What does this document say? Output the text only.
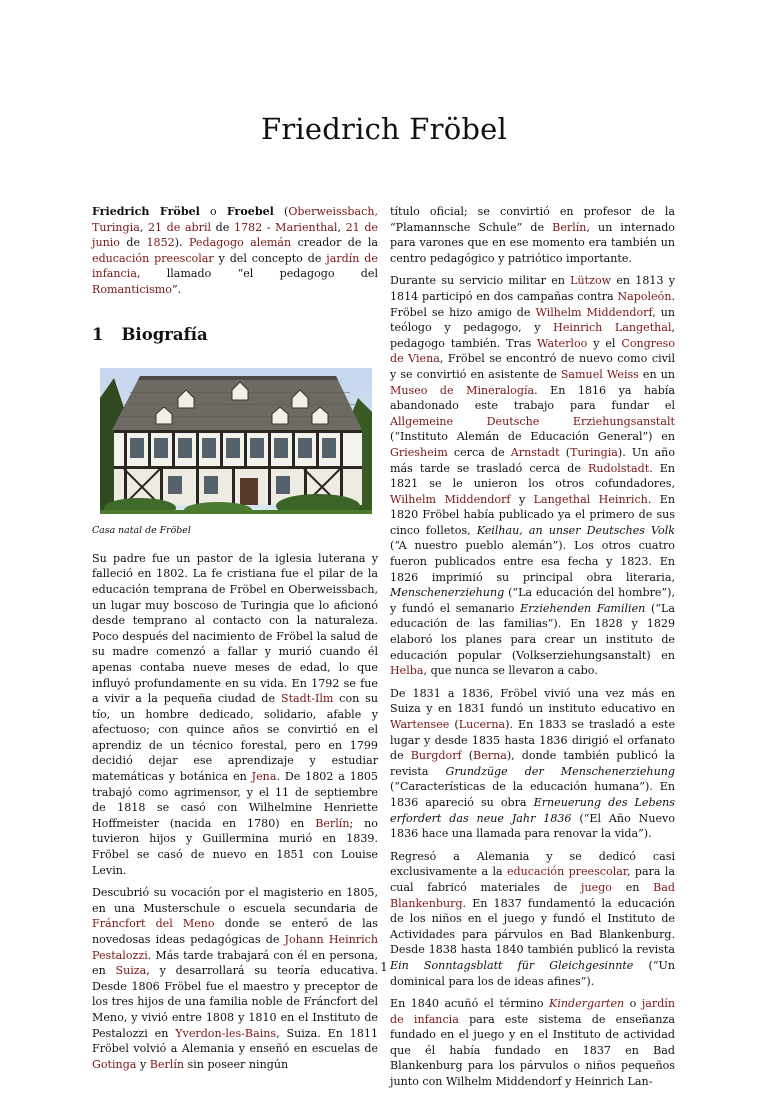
Friedrich Fröbel

Friedrich Fröbel o Froebel (Oberweissbach, Turingia, 21 de abril de 1782 - Marienthal, 21 de junio de 1852). Pedagogo alemán creador de la educación preescolar y del concepto de jardín de infancia, llamado “el pedagogo del Romanticismo”.

1 Biografía
Casa natal de Fröbel

Su padre fue un pastor de la iglesia luterana y falleció en 1802. La fe cristiana fue el pilar de la educación temprana de Fröbel en Oberweissbach, un lugar muy boscoso de Turingia que lo aficionó desde temprano al contacto con la naturaleza. Poco después del nacimiento de Fröbel la salud de su madre comenzó a fallar y murió cuando él apenas contaba nueve meses de edad, lo que influyó profundamente en su vida. En 1792 se fue a vivir a la pequeña ciudad de Stadt-Ilm con su tío, un hombre dedicado, solidario, afable y afectuoso; con quince años se convirtió en el aprendiz de un técnico forestal, pero en 1799 decidió dejar ese aprendizaje y estudiar matemáticas y botánica en Jena. De 1802 a 1805 trabajó como agrimensor, y el 11 de septiembre de 1818 se casó con Wilhelmine Henriette Hoffmeister (nacida en 1780) en Berlín; no tuvieron hijos y Guillermina murió en 1839. Fröbel se casó de nuevo en 1851 con Louise Levin.

Descubrió su vocación por el magisterio en 1805, en una Musterschule o escuela secundaria de Fráncfort del Meno donde se enteró de las novedosas ideas pedagógicas de Johann Heinrich Pestalozzi. Más tarde trabajará con él en persona, en Suiza, y desarrollará su teoría educativa. Desde 1806 Fröbel fue el maestro y preceptor de los tres hijos de una familia noble de Fráncfort del Meno, y vivió entre 1808 y 1810 en el Instituto de Pestalozzi en Yverdon-les-Bains, Suiza. En 1811 Fröbel volvió a Alemania y enseñó en escuelas de Gotinga y Berlín sin poseer ningún

título oficial; se convirtió en profesor de la “Plamannsche Schule” de Berlín, un internado para varones que en ese momento era también un centro pedagógico y patriótico importante.

Durante su servicio militar en Lützow en 1813 y 1814 participó en dos campañas contra Napoleón. Fröbel se hizo amigo de Wilhelm Middendorf, un teólogo y pedagogo, y Heinrich Langethal, pedagogo también. Tras Waterloo y el Congreso de Viena, Fröbel se encontró de nuevo como civil y se convirtió en asistente de Samuel Weiss en un Museo de Mineralogía. En 1816 ya había abandonado este trabajo para fundar el Allgemeine Deutsche Erziehungsanstalt (“Instituto Alemán de Educación General”) en Griesheim cerca de Arnstadt (Turingia). Un año más tarde se trasladó cerca de Rudolstadt. En 1821 se le unieron los otros cofundadores, Wilhelm Middendorf y Langethal Heinrich. En 1820 Fröbel había publicado ya el primero de sus cinco folletos, Keilhau, an unser Deutsches Volk (“A nuestro pueblo alemán”). Los otros cuatro fueron publicados entre esa fecha y 1823. En 1826 imprimió su principal obra literaria, Menschenerziehung (“La educación del hombre”), y fundó el semanario Erziehenden Familien (“La educación de las familias”). En 1828 y 1829 elaboró los planes para crear un instituto de educación popular (Volkserziehungsanstalt) en Helba, que nunca se llevaron a cabo.

De 1831 a 1836, Fröbel vivió una vez más en Suiza y en 1831 fundó un instituto educativo en Wartensee (Lucerna). En 1833 se trasladó a este lugar y desde 1835 hasta 1836 dirigió el orfanato de Burgdorf (Berna), donde también publicó la revista Grundzüge der Menschenerziehung (“Características de la educación humana”). En 1836 apareció su obra Erneuerung des Lebens erfordert das neue Jahr 1836 (“El Año Nuevo 1836 hace una llamada para renovar la vida”).

Regresó a Alemania y se dedicó casi exclusivamente a la educación preescolar, para la cual fabricó materiales de juego en Bad Blankenburg. En 1837 fundamentó la educación de los niños en el juego y fundó el Instituto de Actividades para párvulos en Bad Blankenburg. Desde 1838 hasta 1840 también publicó la revista Ein Sonntagsblatt für Gleichgesinnte (“Un dominical para los de ideas afines”).

En 1840 acuñó el término Kindergarten o jardín de infancia para este sistema de enseñanza fundado en el juego y en el Instituto de actividad que él había fundado en 1837 en Bad Blankenburg para los párvulos o niños pequeños junto con Wilhelm Middendorf y Heinrich Lan-

1
